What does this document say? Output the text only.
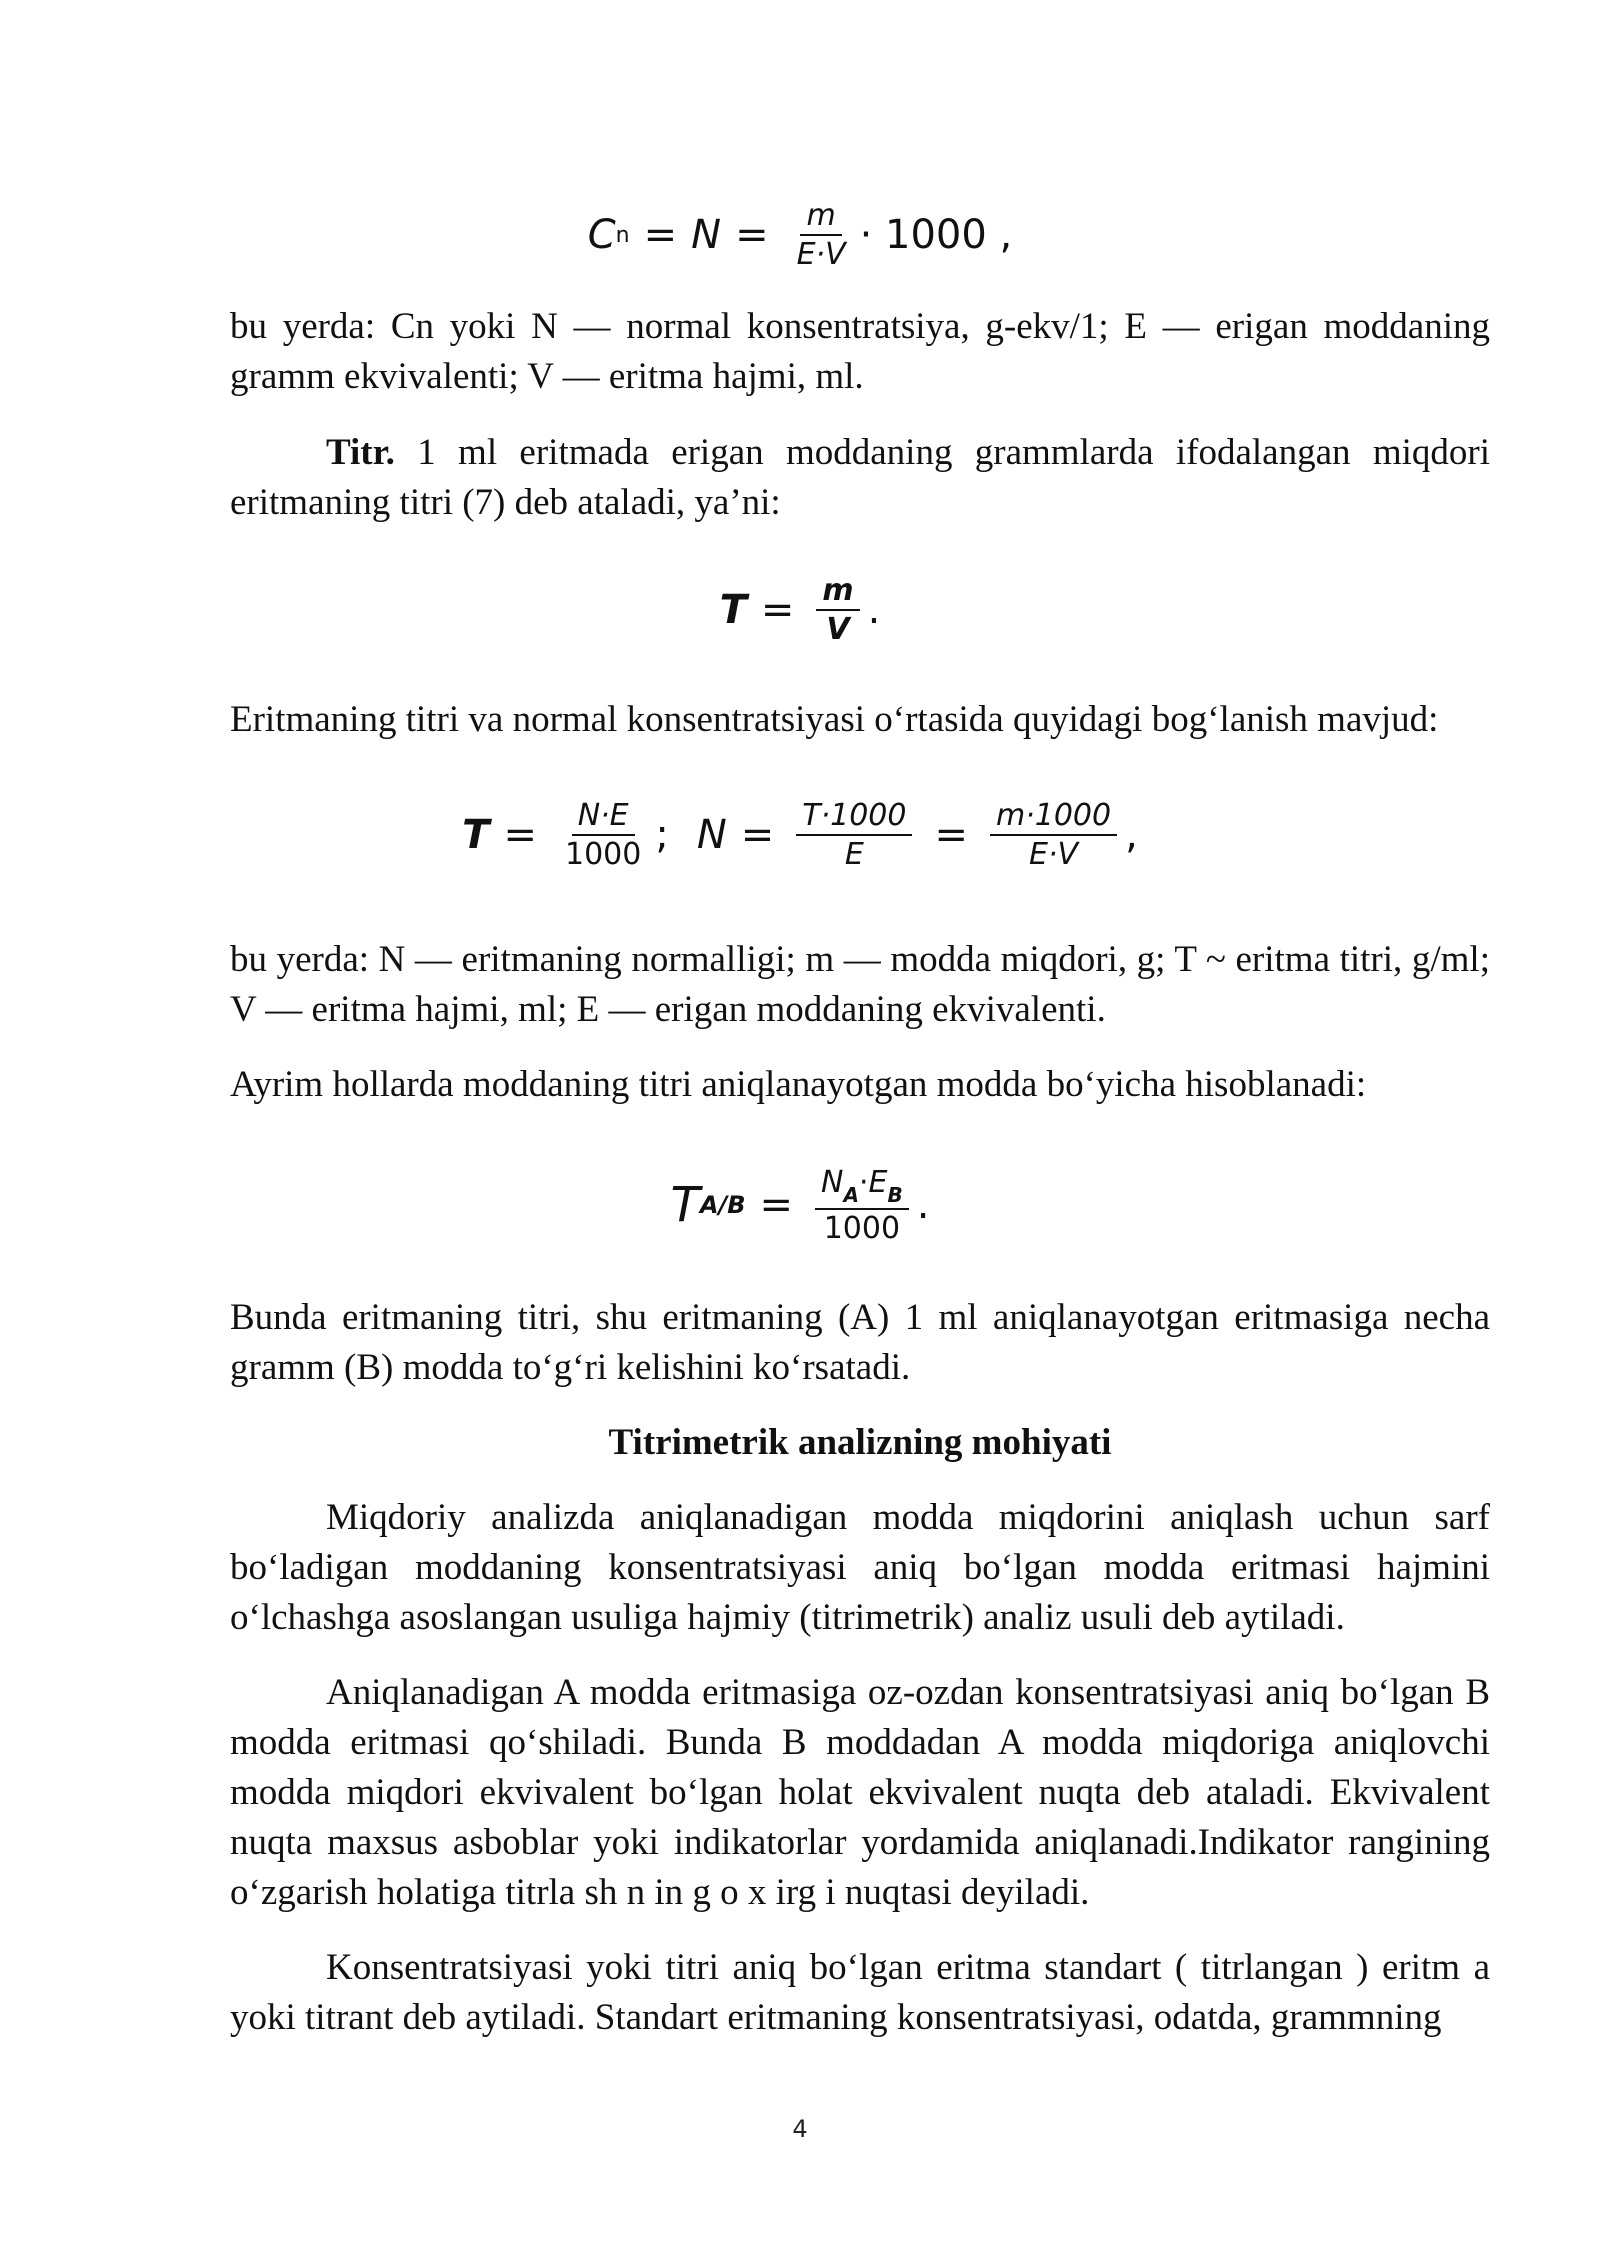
C $n = N = \frac{m}{E\cdot V} \cdot 1000$ ,

bu yerda: Cn yoki N — normal konsentratsiya, g-ekv/1; E — erigan moddaning gramm ekvivalenti; V — eritma hajmi, ml.

Titr. 1 ml eritmada erigan moddaning grammlarda ifodalangan miqdori eritmaning titri (7) deb ataladi, ya’ni:

$T = \frac{m}{V}$ .

Eritmaning titri va normal konsentratsiyasi o‘rtasida quyidagi bog‘lanish mavjud:

$T = \frac{N\cdot E}{1000}$ ; $N = \frac{T\cdot 1000}{E} = \frac{m\cdot 1000}{E\cdot V}$ ,

bu yerda: N — eritmaning normalligi; m — modda miqdori, g; T ~ eritma titri, g/ml; V — eritma hajmi, ml; E — erigan moddaning ekvivalenti.

Ayrim hollarda moddaning titri aniqlanayotgan modda bo‘yicha hisoblanadi:

T $A/B = \frac{N_A\cdot E_B}{1000}$ .

Bunda eritmaning titri, shu eritmaning (A) 1 ml aniqlanayotgan eritmasiga necha gramm (B) modda to‘g‘ri kelishini ko‘rsatadi.

Titrimetrik analizning mohiyati

Miqdoriy analizda aniqlanadigan modda miqdorini aniqlash uchun sarf bo‘ladigan moddaning konsentratsiyasi aniq bo‘lgan modda eritmasi hajmini o‘lchashga asoslangan usuliga hajmiy (titrimetrik) analiz usuli deb aytiladi.

Aniqlanadigan A modda eritmasiga oz-ozdan konsentratsiyasi aniq bo‘lgan B modda eritmasi qo‘shiladi. Bunda B moddadan A modda miqdoriga aniqlovchi modda miqdori ekvivalent bo‘lgan holat ekvivalent nuqta deb ataladi. Ekvivalent nuqta maxsus asboblar yoki indikatorlar yordamida aniqlanadi.Indikator rangining o‘zgarish holatiga titrla sh n in g o x irg i nuqtasi deyiladi.

Konsentratsiyasi yoki titri aniq bo‘lgan eritma standart ( titrlangan ) eritm a yoki titrant deb aytiladi. Standart eritmaning konsentratsiyasi, odatda, grammning

4
